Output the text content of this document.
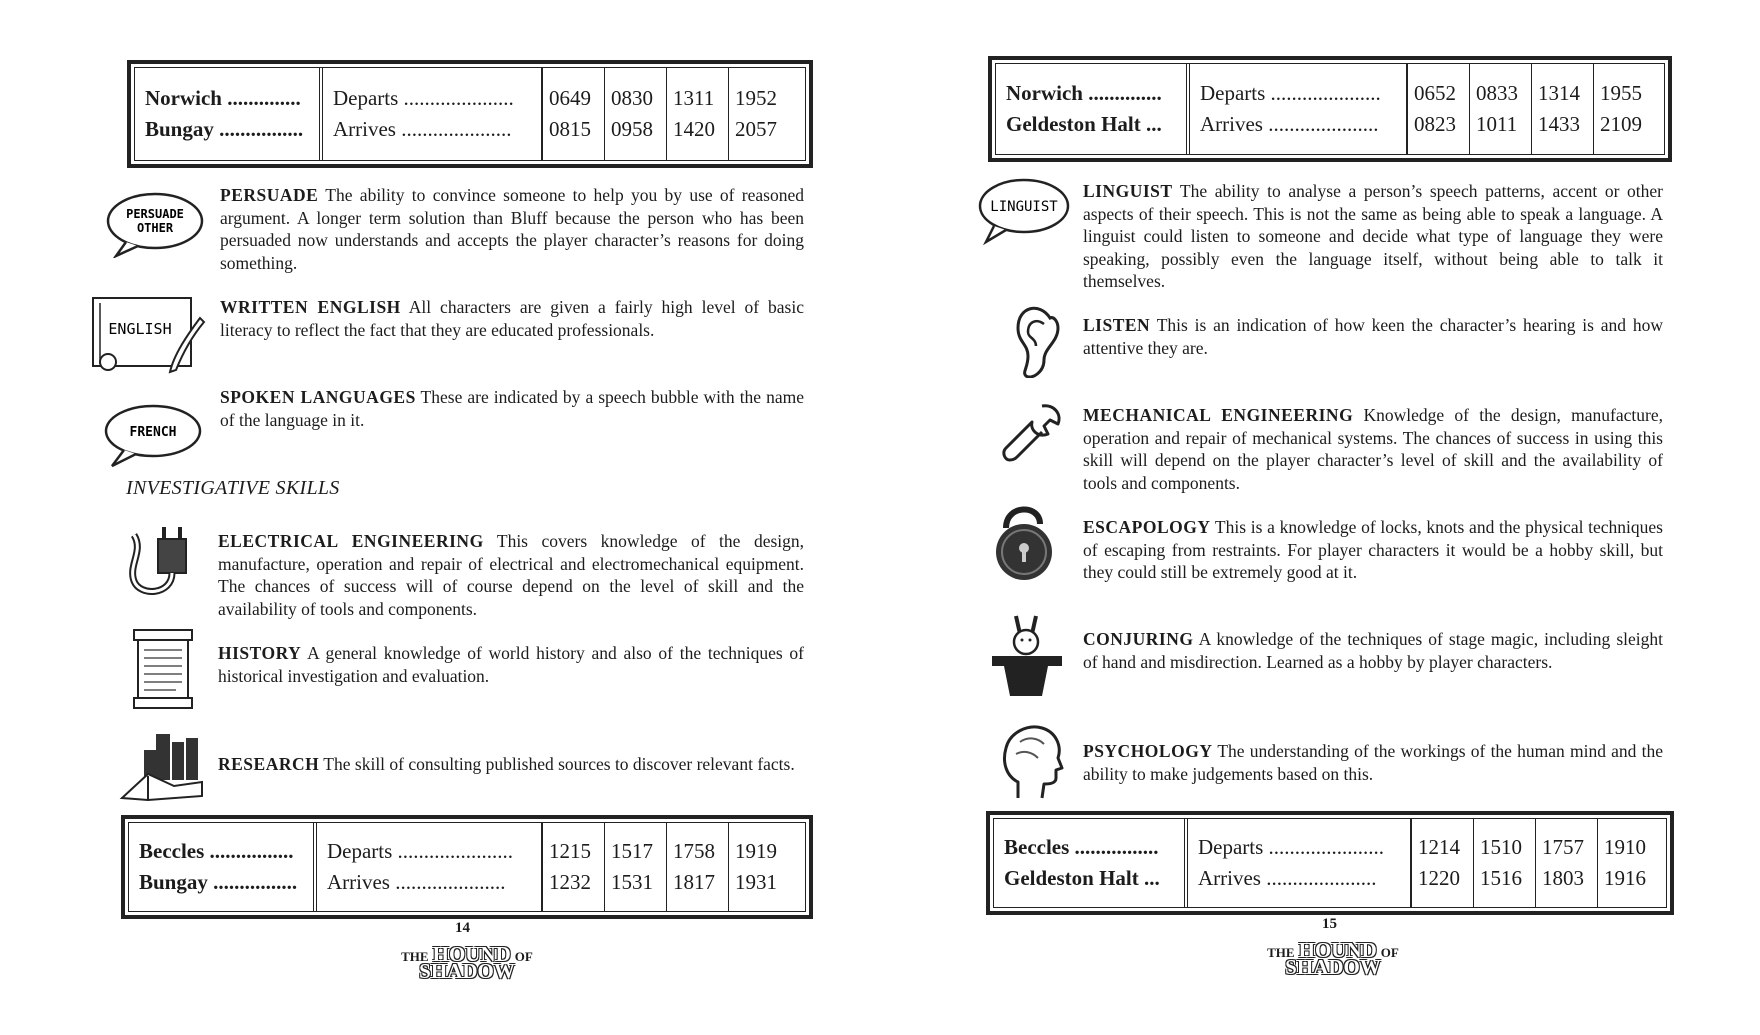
Norwich ..............
Bungay ................
Departs .....................
Arrives .....................
0649
0815
0830
0958
1311
1420
1952
2057
PERSUADE
OTHER
PERSUADE The ability to convince someone to help you by use of reasoned argument. A longer term solution than Bluff because the person who has been persuaded now understands and accepts the player character’s reasons for doing something.
ENGLISH
WRITTEN ENGLISH All characters are given a fairly high level of basic literacy to reflect the fact that they are educated professionals.
FRENCH
SPOKEN LANGUAGES These are indicated by a speech bubble with the name of the language in it.
INVESTIGATIVE SKILLS
ELECTRICAL ENGINEERING This covers knowledge of the design, manufacture, operation and repair of electrical and electromechanical equipment. The chances of success will of course depend on the level of skill and the availability of tools and components.
HISTORY A general knowledge of world history and also of the techniques of historical investigation and evaluation.
RESEARCH The skill of consulting published sources to discover relevant facts.
Beccles ................
Bungay ................
Departs ......................
Arrives .....................
1215
1232
1517
1531
1758
1817
1919
1931
14
THE HOUND OF
SHADOW
Norwich ..............
Geldeston Halt ...
Departs .....................
Arrives .....................
0652
0823
0833
1011
1314
1433
1955
2109
LINGUIST
LINGUIST The ability to analyse a person’s speech patterns, accent or other aspects of their speech. This is not the same as being able to speak a language. A linguist could listen to someone and decide what type of language they were speaking, possibly even the language itself, without being able to talk it themselves.
LISTEN This is an indication of how keen the character’s hearing is and how attentive they are.
MECHANICAL ENGINEERING Knowledge of the design, manufacture, operation and repair of mechanical systems. The chances of success in using this skill will depend on the player character’s level of skill and the availability of tools and components.
ESCAPOLOGY This is a knowledge of locks, knots and the physical techniques of escaping from restraints. For player characters it would be a hobby skill, but they could still be extremely good at it.
CONJURING A knowledge of the techniques of stage magic, including sleight of hand and misdirection. Learned as a hobby by player characters.
PSYCHOLOGY The understanding of the workings of the human mind and the ability to make judgements based on this.
Beccles ................
Geldeston Halt ...
Departs ......................
Arrives .....................
1214
1220
1510
1516
1757
1803
1910
1916
15
THE HOUND OF
SHADOW
